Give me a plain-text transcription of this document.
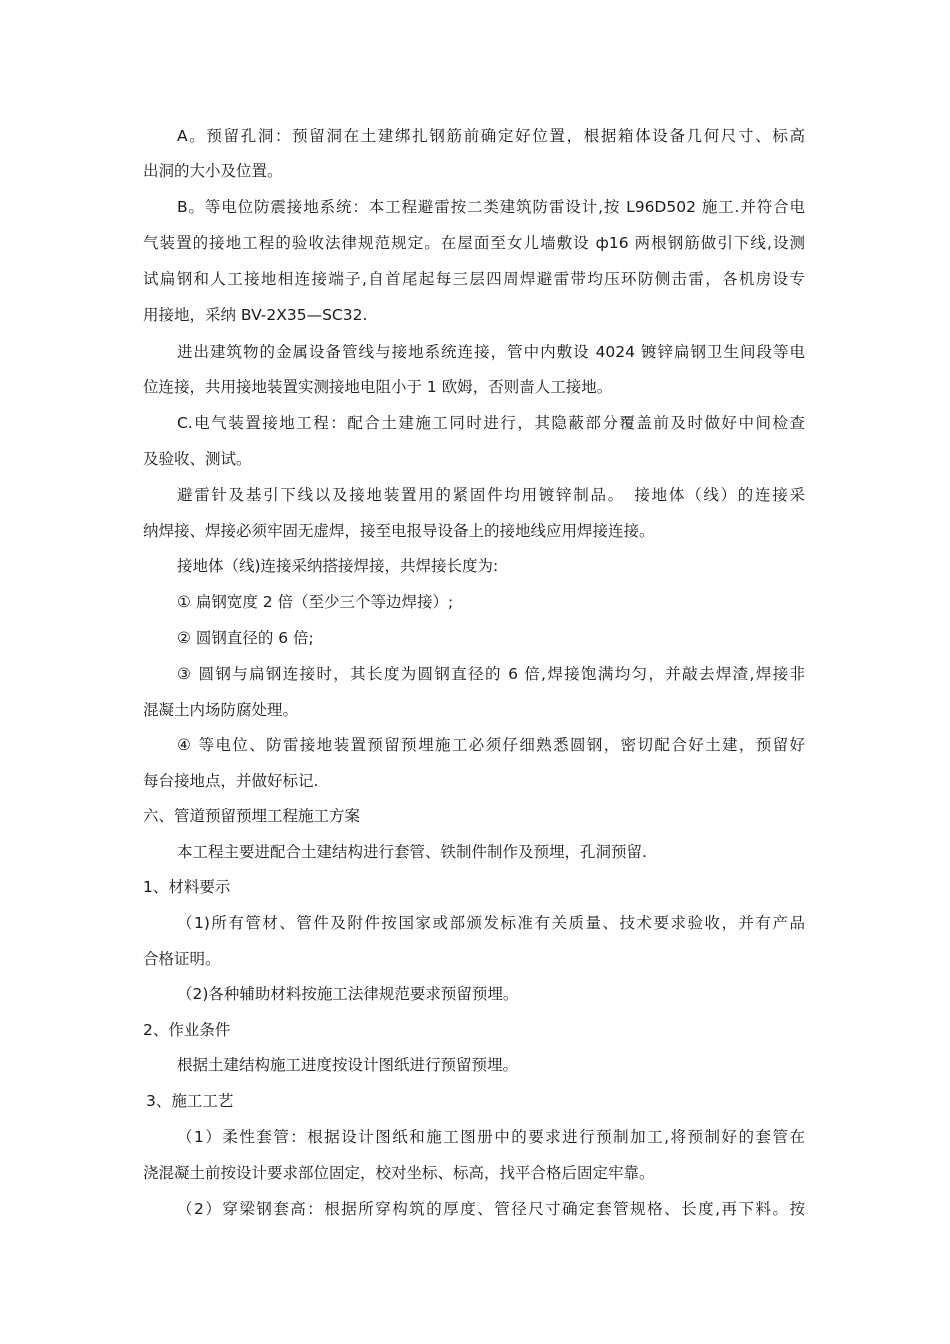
A。预留孔洞：预留洞在土建绑扎钢筋前确定好位置，根据箱体设备几何尺寸、标高
出洞的大小及位置。
B。等电位防震接地系统：本工程避雷按二类建筑防雷设计,按 L96D502 施工.并符合电
气装置的接地工程的验收法律规范规定。在屋面至女儿墙敷设 ф16 两根钢筋做引下线,设测
试扁钢和人工接地相连接端子,自首尾起每三层四周焊避雷带均压环防侧击雷，各机房设专
用接地，采纳 BV-2X35—SC32.
进出建筑物的金属设备管线与接地系统连接，管中内敷设 4024 镀锌扁钢卫生间段等电
位连接，共用接地装置实测接地电阻小于 1 欧姆，否则啬人工接地。
C.电气装置接地工程：配合土建施工同时进行，其隐蔽部分覆盖前及时做好中间检查
及验收、测试。
避雷针及基引下线以及接地装置用的紧固件均用镀锌制品。　接地体（线）的连接采
纳焊接、焊接必须牢固无虚焊，接至电报导设备上的接地线应用焊接连接。
接地体（线)连接采纳搭接焊接，共焊接长度为:
① 扁钢宽度 2 倍（至少三个等边焊接）;
② 圆钢直径的 6 倍;
③ 圆钢与扁钢连接时，其长度为圆钢直径的 6 倍,焊接饱满均匀，并敲去焊渣,焊接非
混凝土内场防腐处理。
④ 等电位、防雷接地装置预留预埋施工必须仔细熟悉圆钢，密切配合好土建，预留好
每台接地点，并做好标记.
六、管道预留预埋工程施工方案
本工程主要进配合土建结构进行套管、铁制件制作及预埋，孔洞预留.
1、材料要示
（1)所有管材、管件及附件按国家或部颁发标准有关质量、技术要求验收，并有产品
合格证明。
（2)各种辅助材料按施工法律规范要求预留预埋。
2、作业条件
根据土建结构施工进度按设计图纸进行预留预埋。
3、施工工艺
（1）柔性套管：根据设计图纸和施工图册中的要求进行预制加工,将预制好的套管在
浇混凝土前按设计要求部位固定，校对坐标、标高，找平合格后固定牢靠。
（2）穿梁钢套高：根据所穿构筑的厚度、管径尺寸确定套管规格、长度,再下料。按
